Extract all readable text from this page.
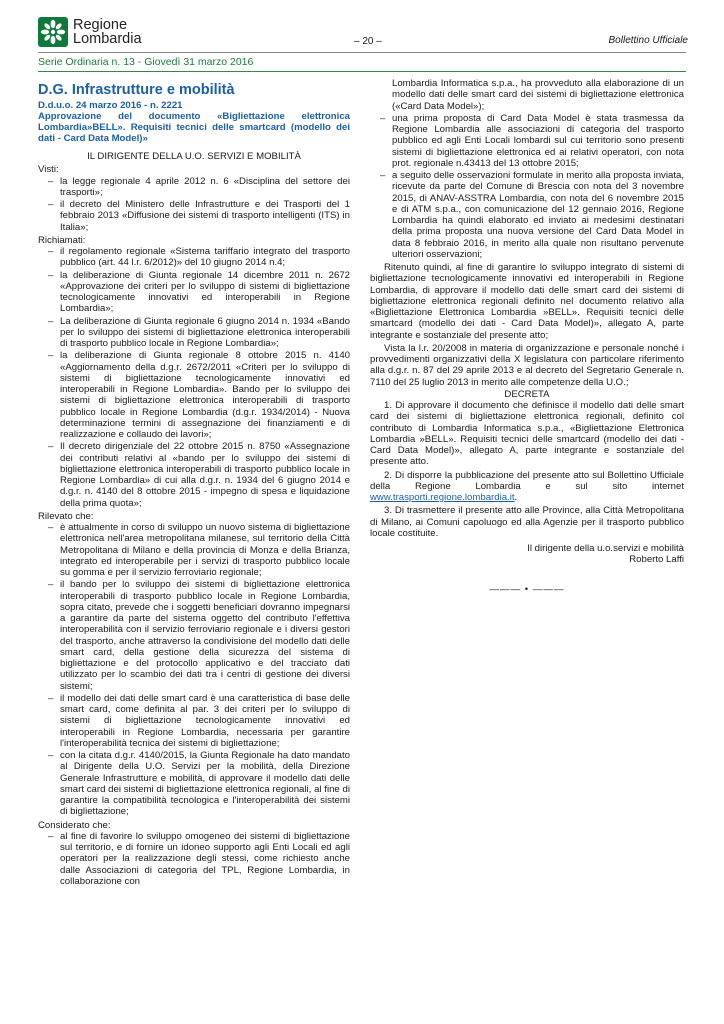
Regione
Lombardia	– 20 –	Bollettino Ufficiale
Serie Ordinaria n. 13 - Giovedì 31 marzo 2016
D.G. Infrastrutture e mobilità
D.d.u.o. 24 marzo 2016 - n. 2221
Approvazione del documento «Bigliettazione elettronica Lombardia»BELL». Requisiti tecnici delle smartcard (modello dei dati - Card Data Model)»

IL DIRIGENTE DELLA U.O. SERVIZI E MOBILITÀ

Visti:

– la legge regionale 4 aprile 2012 n. 6 «Disciplina del settore dei trasporti»;
– il decreto del Ministero delle Infrastrutture e dei Trasporti del 1 febbraio 2013 «Diffusione dei sistemi di trasporto intelligenti (ITS) in Italia»;

Richiamati:

– il regolamento regionale «Sistema tariffario integrato del trasporto pubblico (art. 44 l.r. 6/2012)» del 10 giugno 2014 n.4;
– la deliberazione di Giunta regionale 14 dicembre 2011 n. 2672 «Approvazione dei criteri per lo sviluppo di sistemi di bigliettazione tecnologicamente innovativi ed interoperabili in Regione Lombardia»;
– La deliberazione di Giunta regionale 6 giugno 2014 n. 1934 «Bando per lo sviluppo dei sistemi di bigliettazione elettronica interoperabili di trasporto pubblico locale in Regione Lombardia»;
– la deliberazione di Giunta regionale 8 ottobre 2015 n. 4140 «Aggiornamento della d.g.r. 2672/2011 «Criteri per lo sviluppo di sistemi di bigliettazione tecnologicamente innovativi ed interoperabili in Regione Lombardia». Bando per lo sviluppo dei sistemi di bigliettazione elettronica interoperabili di trasporto pubblico locale in Regione Lombardia (d.g.r. 1934/2014) - Nuova determinazione termini di assegnazione dei finanziamenti e di realizzazione e collaudo dei lavori»;
– Il decreto dirigenziale del 22 ottobre 2015 n. 8750 «Assegnazione dei contributi relativi al «bando per lo sviluppo dei sistemi di bigliettazione elettronica interoperabili di trasporto pubblico locale in Regione Lombardia» di cui alla d.g.r. n. 1934 del 6 giugno 2014 e d.g.r. n. 4140 del 8 ottobre 2015 - impegno di spesa e liquidazione della prima quota»;

Rilevato che:

– è attualmente in corso di sviluppo un nuovo sistema di bigliettazione elettronica nell'area metropolitana milanese, sul territorio della Città Metropolitana di Milano e della provincia di Monza e della Brianza, integrato ed interoperabile per i servizi di trasporto pubblico locale su gomma e per il servizio ferroviario regionale;
– il bando per lo sviluppo dei sistemi di bigliettazione elettronica interoperabili di trasporto pubblico locale in Regione Lombardia, sopra citato, prevede che i soggetti beneficiari dovranno impegnarsi a garantire da parte del sistema oggetto del contributo l'effettiva interoperabilità con il servizio ferroviario regionale e i diversi gestori del trasporto, anche attraverso la condivisione del modello dati delle smart card, della gestione della sicurezza del sistema di bigliettazione e del protocollo applicativo e del tracciato dati utilizzato per lo scambio dei dati tra i centri di gestione dei diversi sistemi;
– il modello dei dati delle smart card è una caratteristica di base delle smart card, come definita al par. 3 dei criteri per lo sviluppo di sistemi di bigliettazione tecnologicamente innovativi ed interoperabili in Regione Lombardia, necessaria per garantire l'interoperabilità tecnica dei sistemi di bigliettazione;
– con la citata d.g.r. 4140/2015, la Giunta Regionale ha dato mandato al Dirigente della U.O. Servizi per la mobilità, della Direzione Generale Infrastrutture e mobilità, di approvare il modello dati delle smart card dei sistemi di bigliettazione elettronica regionali, al fine di garantire la compatibilità tecnologica e l'interoperabilità dei sistemi di bigliettazione;

Considerato che:

– al fine di favorire lo sviluppo omogeneo dei sistemi di bigliettazione sul territorio, e di fornire un idoneo supporto agli Enti Locali ed agli operatori per la realizzazione degli stessi, come richiesto anche dalle Associazioni di categoria del TPL, Regione Lombardia, in collaborazione con
Lombardia Informatica s.p.a., ha provveduto alla elaborazione di un modello dati delle smart card dei sistemi di bigliettazione elettronica («Card Data Model»);
– una prima proposta di Card Data Model è stata trasmessa da Regione Lombardia alle associazioni di categoria del trasporto pubblico ed agli Enti Locali lombardi sul cui territorio sono presenti sistemi di bigliettazione elettronica ed ai relativi operatori, con nota prot. regionale n.43413 del 13 ottobre 2015;
– a seguito delle osservazioni formulate in merito alla proposta inviata, ricevute da parte del Comune di Brescia con nota del 3 novembre 2015, di ANAV-ASSTRA Lombardia, con nota del 6 novembre 2015 e di ATM s.p.a., con comunicazione del 12 gennaio 2016, Regione Lombardia ha quindi elaborato ed inviato ai medesimi destinatari della prima proposta una nuova versione del Card Data Model in data 8 febbraio 2016, in merito alla quale non risultano pervenute ulteriori osservazioni;

Ritenuto quindi, al fine di garantire lo sviluppo integrato di sistemi di bigliettazione tecnologicamente innovativi ed interoperabili in Regione Lombardia, di approvare il modello dati delle smart card dei sistemi di bigliettazione elettronica regionali definito nel documento relativo alla «Bigliettazione Elettronica Lombardia »BELL». Requisiti tecnici delle smartcard (modello dei dati - Card Data Model)», allegato A, parte integrante e sostanziale del presente atto;

Vista la l.r. 20/2008 in materia di organizzazione e personale nonché i provvedimenti organizzativi della X legislatura con particolare riferimento alla d.g.r. n. 87 del 29 aprile 2013 e al decreto del Segretario Generale n. 7110 del 25 luglio 2013 in merito alle competenze della U.O.;

DECRETA

1. Di approvare il documento che definisce il modello dati delle smart card dei sistemi di bigliettazione elettronica regionali, definito col contributo di Lombardia Informatica s.p.a., «Bigliettazione Elettronica Lombardia »BELL». Requisiti tecnici delle smartcard (modello dei dati - Card Data Model)», allegato A, parte integrante e sostanziale del presente atto.

2. Di disporre la pubblicazione del presente atto sul Bollettino Ufficiale della Regione Lombardia e sul sito internet www.trasporti.regione.lombardia.it.

3. Di trasmettere il presente atto alle Province, alla Città Metropolitana di Milano, ai Comuni capoluogo ed alla Agenzie per il trasporto pubblico locale costituite.

Il dirigente della u.o.servizi e mobilità

Roberto Laffi

——— • ———
